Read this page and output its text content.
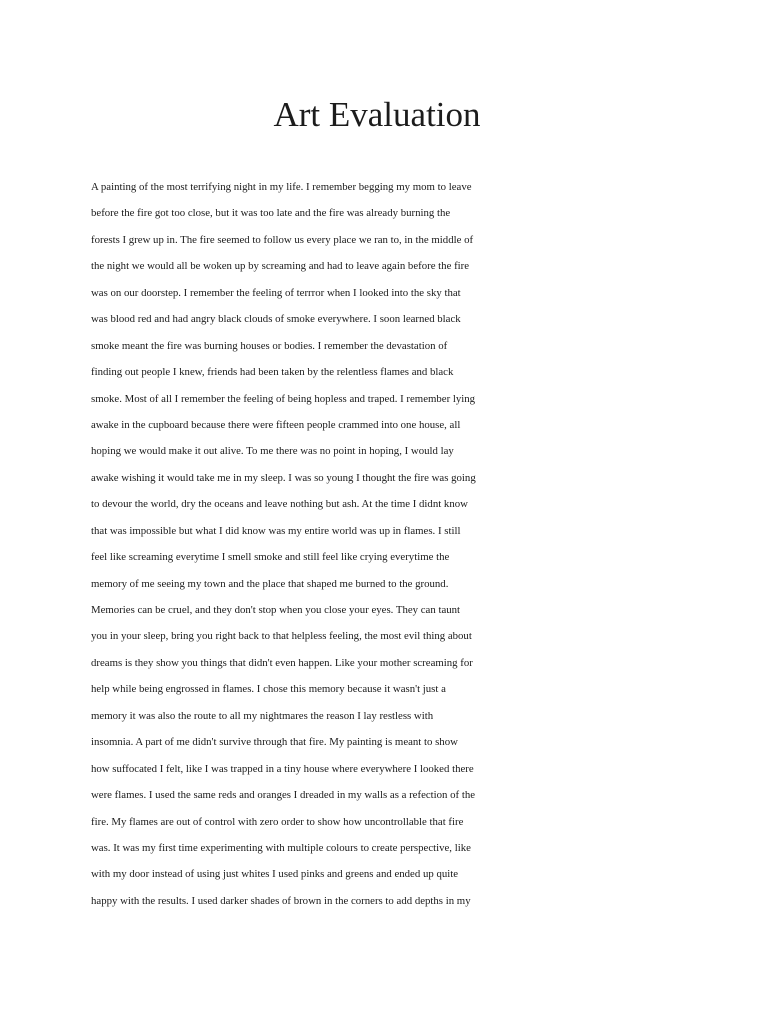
Art Evaluation
A painting of the most terrifying night in my life. I remember begging my mom to leave
before the fire got too close, but it was too late and the fire was already burning the
forests I grew up in. The fire seemed to follow us every place we ran to, in the middle of
the night we would all be woken up by screaming and had to leave again before the fire
was on our doorstep. I remember the feeling of terrror when I looked into the sky that
was blood red and had angry black clouds of smoke everywhere. I soon learned black
smoke meant the fire was burning houses or bodies. I remember the devastation of
finding out people I knew, friends had been taken by the relentless flames and black
smoke. Most of all I remember the feeling of being hopless and traped. I remember lying
awake in the cupboard because there were fifteen people crammed into one house, all
hoping we would make it out alive. To me there was no point in hoping, I would lay
awake wishing it would take me in my sleep. I was so young I thought the fire was going
to devour the world, dry the oceans and leave nothing but ash. At the time I didnt know
that was impossible but what I did know was my entire world was up in flames. I still
feel like screaming everytime I smell smoke and still feel like crying everytime the
memory of me seeing my town and the place that shaped me burned to the ground.
Memories can be cruel, and they don't stop when you close your eyes. They can taunt
you in your sleep, bring you right back to that helpless feeling, the most evil thing about
dreams is they show you things that didn't even happen. Like your mother screaming for
help while being engrossed in flames. I chose this memory because it wasn't just a
memory it was also the route to all my nightmares the reason I lay restless with
insomnia. A part of me didn't survive through that fire. My painting is meant to show
how suffocated I felt, like I was trapped in a tiny house where everywhere I looked there
were flames. I used the same reds and oranges I dreaded in my walls as a refection of the
fire. My flames are out of control with zero order to show how uncontrollable that fire
was. It was my first time experimenting with multiple colours to create perspective, like
with my door instead of using just whites I used pinks and greens and ended up quite
happy with the results. I used darker shades of brown in the corners to add depths in my
